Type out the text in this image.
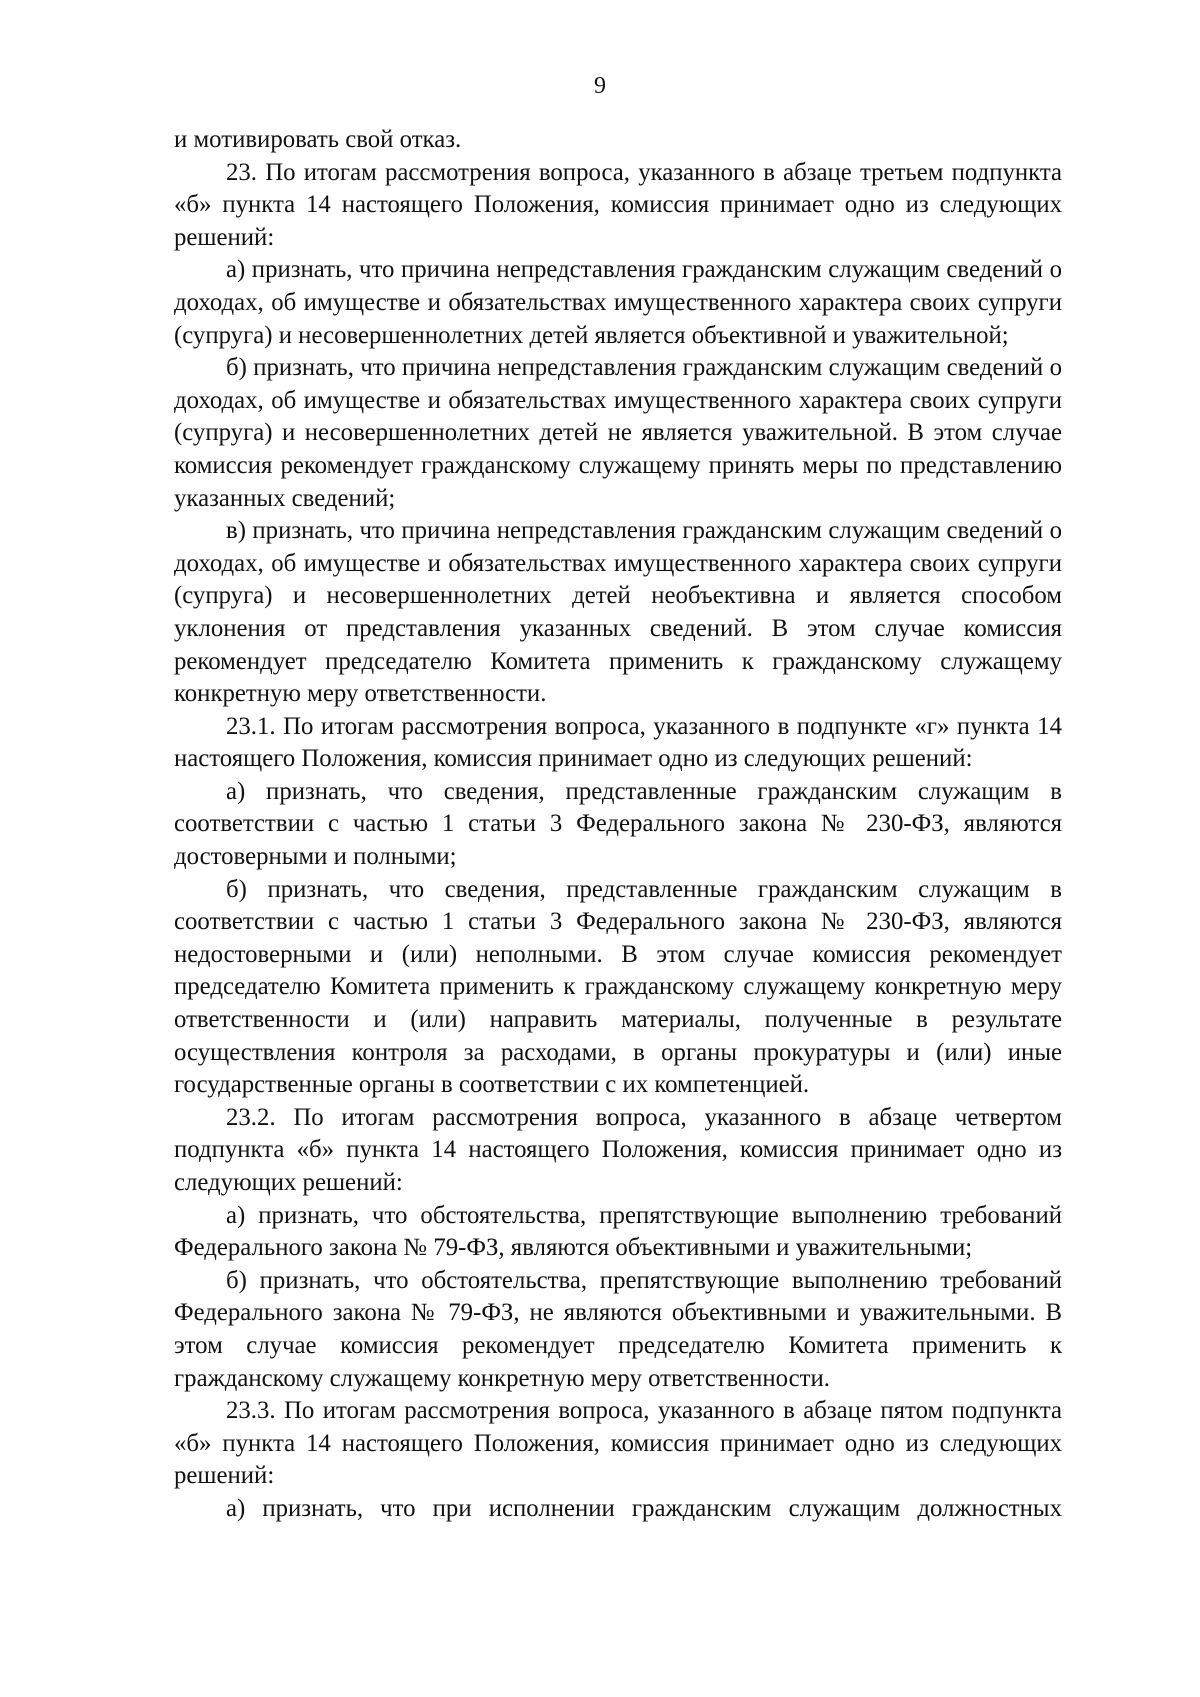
9

и мотивировать свой отказ.

23. По итогам рассмотрения вопроса, указанного в абзаце третьем подпункта «б» пункта 14 настоящего Положения, комиссия принимает одно из следующих решений:

а) признать, что причина непредставления гражданским служащим сведений о доходах, об имуществе и обязательствах имущественного характера своих супруги (супруга) и несовершеннолетних детей является объективной и уважительной;

б) признать, что причина непредставления гражданским служащим сведений о доходах, об имуществе и обязательствах имущественного характера своих супруги (супруга) и несовершеннолетних детей не является уважительной. В этом случае комиссия рекомендует гражданскому служащему принять меры по представлению указанных сведений;

в) признать, что причина непредставления гражданским служащим сведений о доходах, об имуществе и обязательствах имущественного характера своих супруги (супруга) и несовершеннолетних детей необъективна и является способом уклонения от представления указанных сведений. В этом случае комиссия рекомендует председателю Комитета применить к гражданскому служащему конкретную меру ответственности.

23.1. По итогам рассмотрения вопроса, указанного в подпункте «г» пункта 14 настоящего Положения, комиссия принимает одно из следующих решений:

а) признать, что сведения, представленные гражданским служащим в соответствии с частью 1 статьи 3 Федерального закона № 230-ФЗ, являются достоверными и полными;

б) признать, что сведения, представленные гражданским служащим в соответствии с частью 1 статьи 3 Федерального закона № 230-ФЗ, являются недостоверными и (или) неполными. В этом случае комиссия рекомендует председателю Комитета применить к гражданскому служащему конкретную меру ответственности и (или) направить материалы, полученные в результате осуществления контроля за расходами, в органы прокуратуры и (или) иные государственные органы в соответствии с их компетенцией.

23.2. По итогам рассмотрения вопроса, указанного в абзаце четвертом подпункта «б» пункта 14 настоящего Положения, комиссия принимает одно из следующих решений:

а) признать, что обстоятельства, препятствующие выполнению требований Федерального закона № 79-ФЗ, являются объективными и уважительными;

б) признать, что обстоятельства, препятствующие выполнению требований Федерального закона № 79-ФЗ, не являются объективными и уважительными. В этом случае комиссия рекомендует председателю Комитета применить к гражданскому служащему конкретную меру ответственности.

23.3. По итогам рассмотрения вопроса, указанного в абзаце пятом подпункта «б» пункта 14 настоящего Положения, комиссия принимает одно из следующих решений:

а) признать, что при исполнении гражданским служащим должностных
